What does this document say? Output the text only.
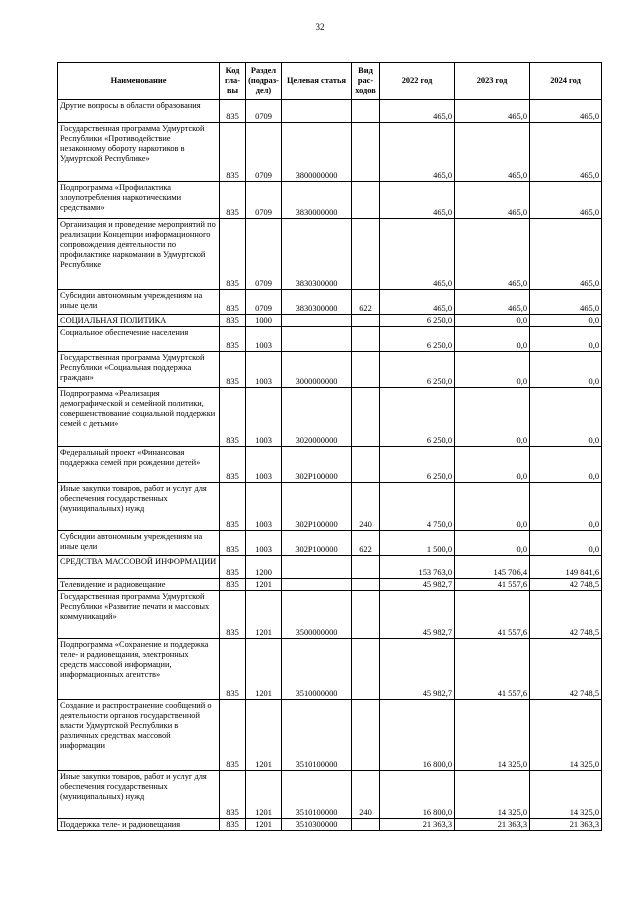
32
Наименование	Код гла- вы	Раздел (подраз- дел)	Целевая статья	Вид рас- ходов	2022 год	2023 год	2024 год
Другие вопросы в области образования	835	0709			465,0	465,0	465,0
Государственная программа Удмуртской Республики «Противодействие незаконному обороту наркотиков в Удмуртской Республике»	835	0709	3800000000		465,0	465,0	465,0
Подпрограмма «Профилактика злоупотребления наркотическими средствами»	835	0709	3830000000		465,0	465,0	465,0
Организация и проведение мероприятий по реализации Концепции информационного сопровождения деятельности по профилактике наркомании в Удмуртской Республике	835	0709	3830300000		465,0	465,0	465,0
Субсидии автономным учреждениям на иные цели	835	0709	3830300000	622	465,0	465,0	465,0
СОЦИАЛЬНАЯ ПОЛИТИКА	835	1000			6 250,0	0,0	0,0
Социальное обеспечение населения	835	1003			6 250,0	0,0	0,0
Государственная программа Удмуртской Республики «Социальная поддержка граждан»	835	1003	3000000000		6 250,0	0,0	0,0
Подпрограмма «Реализация демографической и семейной политики, совершенствование социальной поддержки семей с детьми»	835	1003	3020000000		6 250,0	0,0	0,0
Федеральный проект «Финансовая поддержка семей при рождении детей»	835	1003	302P100000		6 250,0	0,0	0,0
Иные закупки товаров, работ и услуг для обеспечения государственных (муниципальных) нужд	835	1003	302P100000	240	4 750,0	0,0	0,0
Субсидии автономным учреждениям на иные цели	835	1003	302P100000	622	1 500,0	0,0	0,0
СРЕДСТВА МАССОВОЙ ИНФОРМАЦИИ	835	1200			153 763,0	145 706,4	149 841,6
Телевидение и радиовещание	835	1201			45 982,7	41 557,6	42 748,5
Государственная программа Удмуртской Республики «Развитие печати и массовых коммуникаций»	835	1201	3500000000		45 982,7	41 557,6	42 748,5
Подпрограмма «Сохранение и поддержка теле- и радиовещания, электронных средств массовой информации, информационных агентств»	835	1201	3510000000		45 982,7	41 557,6	42 748,5
Создание и распространение сообщений о деятельности органов государственной власти Удмуртской Республики в различных средствах массовой информации	835	1201	3510100000		16 800,0	14 325,0	14 325,0
Иные закупки товаров, работ и услуг для обеспечения государственных (муниципальных) нужд	835	1201	3510100000	240	16 800,0	14 325,0	14 325,0
Поддержка теле- и радиовещания	835	1201	3510300000		21 363,3	21 363,3	21 363,3
